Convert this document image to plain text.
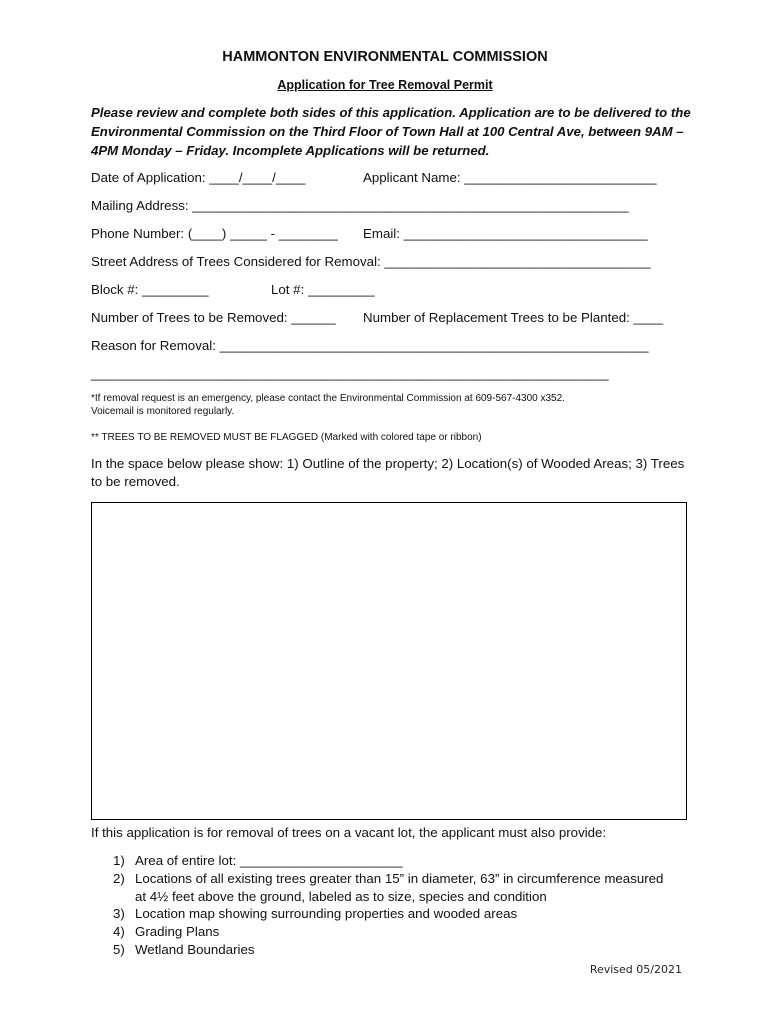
HAMMONTON ENVIRONMENTAL COMMISSION
Application for Tree Removal Permit
Please review and complete both sides of this application. Application are to be delivered to the Environmental Commission on the Third Floor of Town Hall at 100 Central Ave, between 9AM – 4PM Monday – Friday. Incomplete Applications will be returned.
Date of Application: ____/____/____	Applicant Name: __________________________
Mailing Address: ___________________________________________________________
Phone Number: (____) _____ - ________ Email: _________________________________
Street Address of Trees Considered for Removal: ____________________________________
Block #: _________	Lot #: _________
Number of Trees to be Removed: ______ Number of Replacement Trees to be Planted: ____
Reason for Removal: __________________________________________________________
______________________________________________________________________
*If removal request is an emergency, please contact the Environmental Commission at 609-567-4300 x352.
Voicemail is monitored regularly.
** TREES TO BE REMOVED MUST BE FLAGGED (Marked with colored tape or ribbon)
In the space below please show: 1) Outline of the property; 2) Location(s) of Wooded Areas; 3) Trees to be removed.
If this application is for removal of trees on a vacant lot, the applicant must also provide:
1) Area of entire lot: ______________________
2) Locations of all existing trees greater than 15” in diameter, 63” in circumference measured at 4½ feet above the ground, labeled as to size, species and condition
3) Location map showing surrounding properties and wooded areas
4) Grading Plans
5) Wetland Boundaries
Revised 05/2021
